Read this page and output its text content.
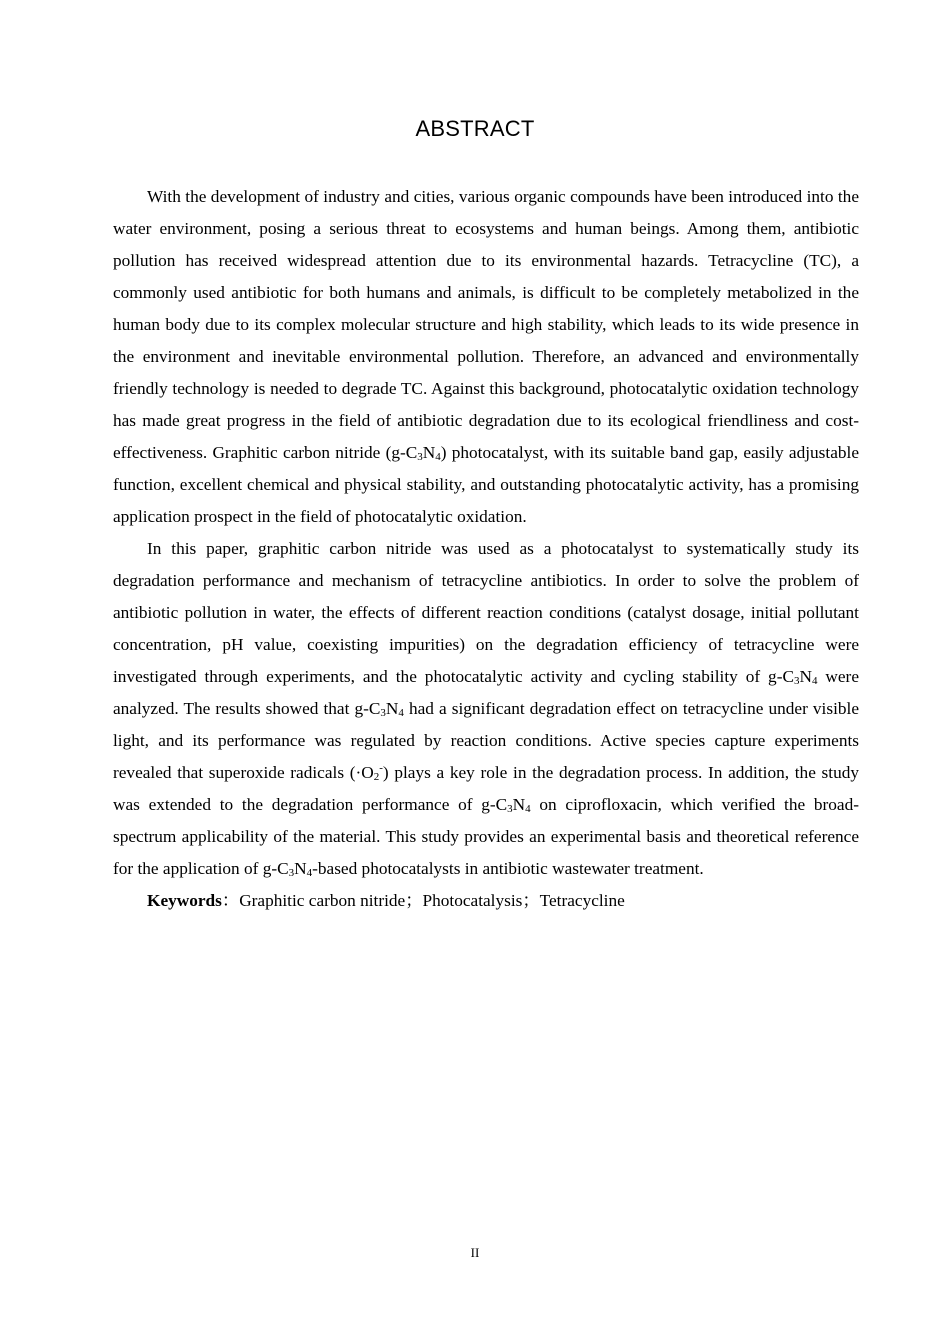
ABSTRACT

With the development of industry and cities, various organic compounds have been introduced into the water environment, posing a serious threat to ecosystems and human beings. Among them, antibiotic pollution has received widespread attention due to its environmental hazards. Tetracycline (TC), a commonly used antibiotic for both humans and animals, is difficult to be completely metabolized in the human body due to its complex molecular structure and high stability, which leads to its wide presence in the environment and inevitable environmental pollution. Therefore, an advanced and environmentally friendly technology is needed to degrade TC. Against this background, photocatalytic oxidation technology has made great progress in the field of antibiotic degradation due to its ecological friendliness and cost-effectiveness. Graphitic carbon nitride (g-C3N4) photocatalyst, with its suitable band gap, easily adjustable function, excellent chemical and physical stability, and outstanding photocatalytic activity, has a promising application prospect in the field of photocatalytic oxidation.

In this paper, graphitic carbon nitride was used as a photocatalyst to systematically study its degradation performance and mechanism of tetracycline antibiotics. In order to solve the problem of antibiotic pollution in water, the effects of different reaction conditions (catalyst dosage, initial pollutant concentration, pH value, coexisting impurities) on the degradation efficiency of tetracycline were investigated through experiments, and the photocatalytic activity and cycling stability of g-C3N4 were analyzed. The results showed that g-C3N4 had a significant degradation effect on tetracycline under visible light, and its performance was regulated by reaction conditions. Active species capture experiments revealed that superoxide radicals (·O2-) plays a key role in the degradation process. In addition, the study was extended to the degradation performance of g-C3N4 on ciprofloxacin, which verified the broad-spectrum applicability of the material. This study provides an experimental basis and theoretical reference for the application of g-C3N4-based photocatalysts in antibiotic wastewater treatment.

Keywords：Graphitic carbon nitride；Photocatalysis；Tetracycline

II
